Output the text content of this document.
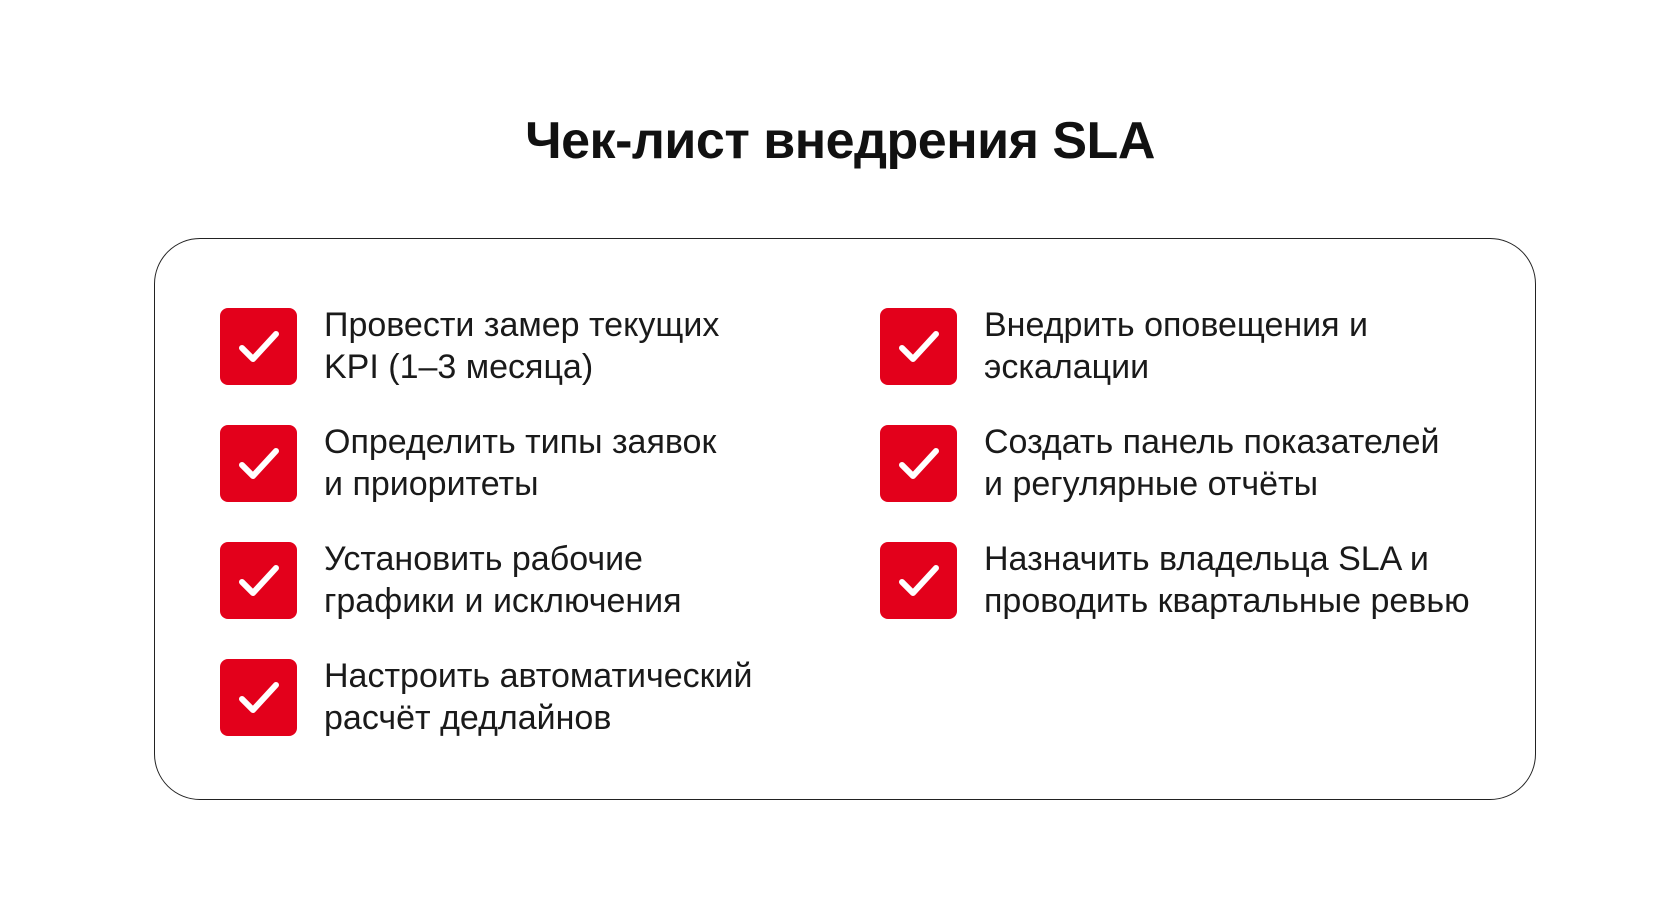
Чек-лист внедрения SLA
Провести замер текущих
KPI (1–3 месяца)
Определить типы заявок
и приоритеты
Установить рабочие
графики и исключения
Настроить автоматический
расчёт дедлайнов
Внедрить оповещения и
эскалации
Создать панель показателей
и регулярные отчёты
Назначить владельца SLA и
проводить квартальные ревью
